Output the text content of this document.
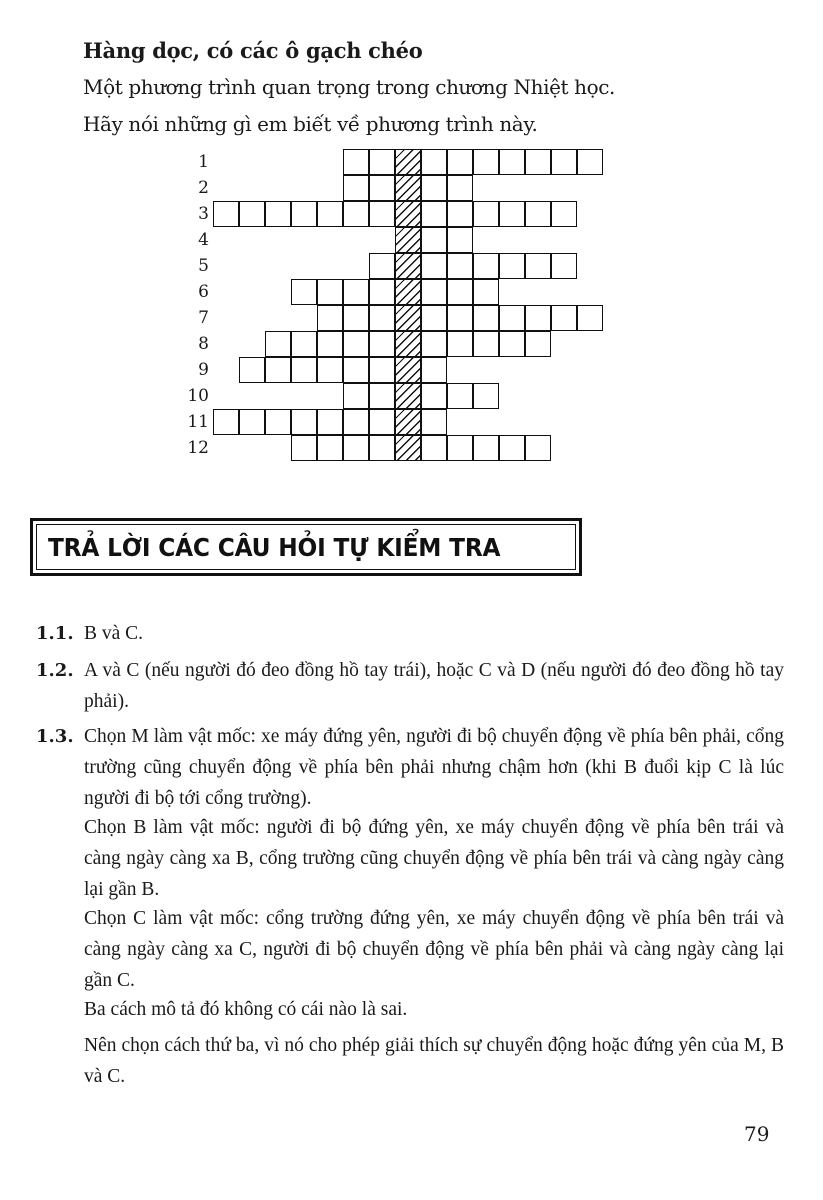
Hàng dọc, có các ô gạch chéo
Một phương trình quan trọng trong chương Nhiệt học.
Hãy nói những gì em biết về phương trình này.
1
2
3
4
5
6
7
8
9
10
11
12
TRẢ LỜI CÁC CÂU HỎI TỰ KIỂM TRA
1.1. B và C.
1.2. A và C (nếu người đó đeo đồng hồ tay trái), hoặc C và D (nếu người đó đeo đồng hồ tay phải).
1.3. Chọn M làm vật mốc: xe máy đứng yên, người đi bộ chuyển động về phía bên phải, cổng trường cũng chuyển động về phía bên phải nhưng chậm hơn (khi B đuổi kịp C là lúc người đi bộ tới cổng trường).
Chọn B làm vật mốc: người đi bộ đứng yên, xe máy chuyển động về phía bên trái và càng ngày càng xa B, cổng trường cũng chuyển động về phía bên trái và càng ngày càng lại gần B.
Chọn C làm vật mốc: cổng trường đứng yên, xe máy chuyển động về phía bên trái và càng ngày càng xa C, người đi bộ chuyển động về phía bên phải và càng ngày càng lại gần C.
Ba cách mô tả đó không có cái nào là sai.
Nên chọn cách thứ ba, vì nó cho phép giải thích sự chuyển động hoặc đứng yên của M, B và C.
79
